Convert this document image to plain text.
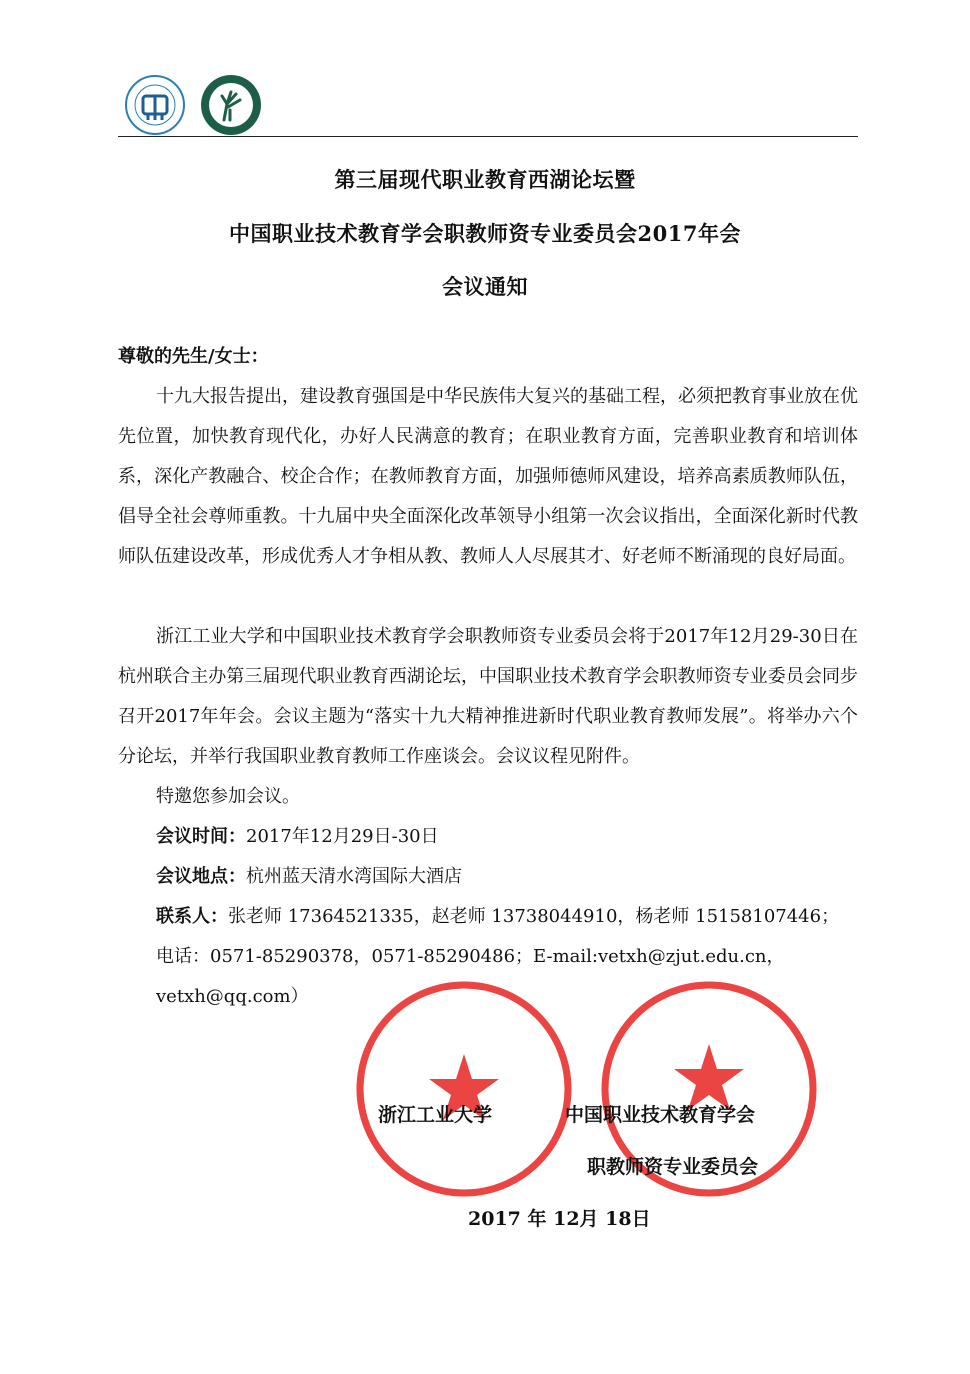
第三届现代职业教育西湖论坛暨
中国职业技术教育学会职教师资专业委员会2017年会
会议通知
尊敬的先生/女士：

十九大报告提出，建设教育强国是中华民族伟大复兴的基础工程，必须把教育事业放在优先位置，加快教育现代化，办好人民满意的教育；在职业教育方面，完善职业教育和培训体系，深化产教融合、校企合作；在教师教育方面，加强师德师风建设，培养高素质教师队伍，倡导全社会尊师重教。十九届中央全面深化改革领导小组第一次会议指出，全面深化新时代教师队伍建设改革，形成优秀人才争相从教、教师人人尽展其才、好老师不断涌现的良好局面。

浙江工业大学和中国职业技术教育学会职教师资专业委员会将于2017年12月29-30日在杭州联合主办第三届现代职业教育西湖论坛，中国职业技术教育学会职教师资专业委员会同步召开2017年年会。会议主题为“落实十九大精神推进新时代职业教育教师发展”。将举办六个分论坛，并举行我国职业教育教师工作座谈会。会议议程见附件。

特邀您参加会议。

会议时间：2017年12月29日-30日
会议地点：杭州蓝天清水湾国际大酒店
联系人：张老师 17364521335，赵老师 13738044910，杨老师 15158107446；电话：0571-85290378，0571-85290486；E-mail:vetxh@zjut.edu.cn，vetxh@qq.com）
浙江工业大学	中国职业技术教育学会
职教师资专业委员会
2017 年 12月 18日
